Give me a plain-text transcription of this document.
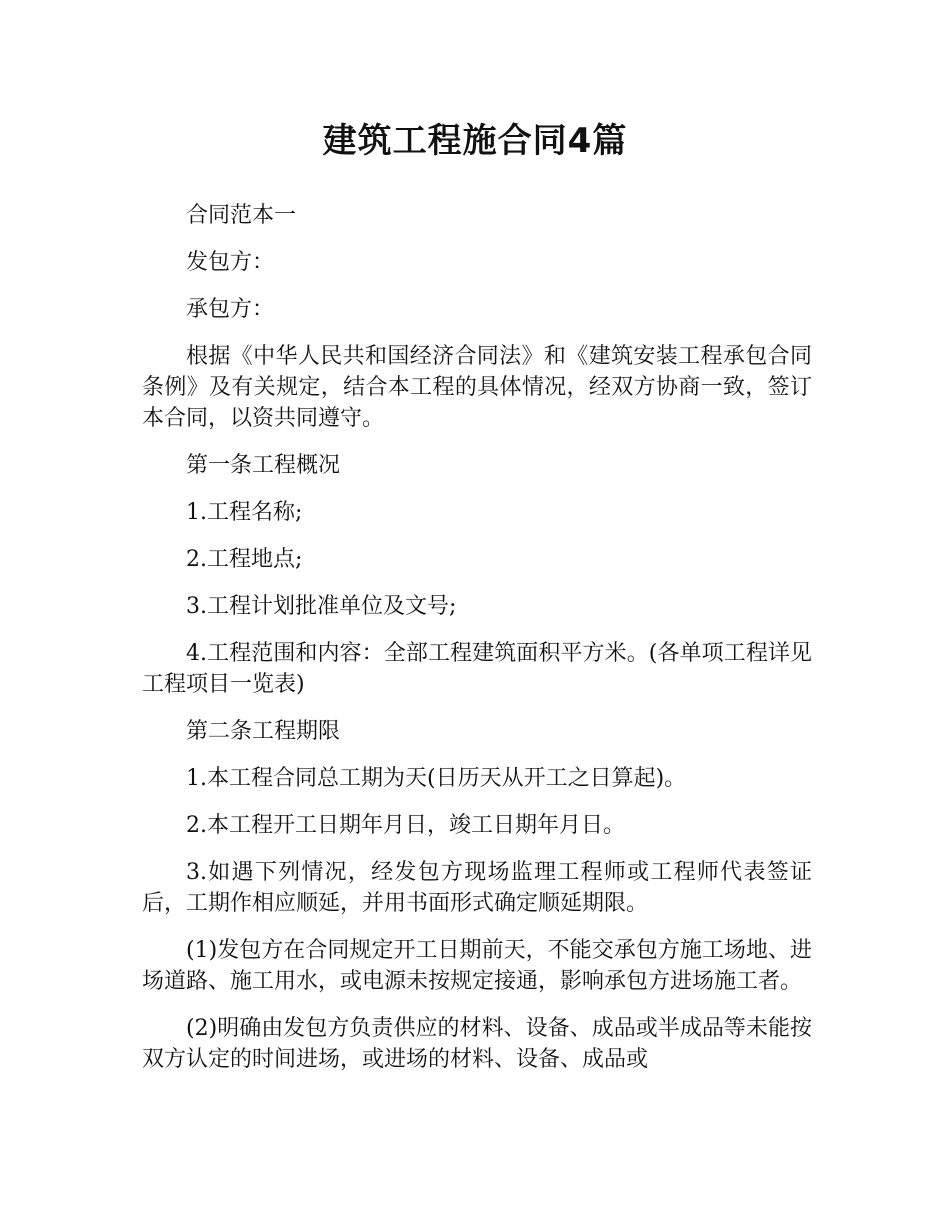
建筑工程施合同4篇

合同范本一

发包方：

承包方：

根据《中华人民共和国经济合同法》和《建筑安装工程承包合同条例》及有关规定，结合本工程的具体情况，经双方协商一致，签订本合同，以资共同遵守。

第一条工程概况

1.工程名称;

2.工程地点;

3.工程计划批准单位及文号;

4.工程范围和内容：全部工程建筑面积平方米。(各单项工程详见工程项目一览表)

第二条工程期限

1.本工程合同总工期为天(日历天从开工之日算起)。

2.本工程开工日期年月日，竣工日期年月日。

3.如遇下列情况，经发包方现场监理工程师或工程师代表签证后，工期作相应顺延，并用书面形式确定顺延期限。

(1)发包方在合同规定开工日期前天，不能交承包方施工场地、进场道路、施工用水，或电源未按规定接通，影响承包方进场施工者。

(2)明确由发包方负责供应的材料、设备、成品或半成品等未能按双方认定的时间进场，或进场的材料、设备、成品或
